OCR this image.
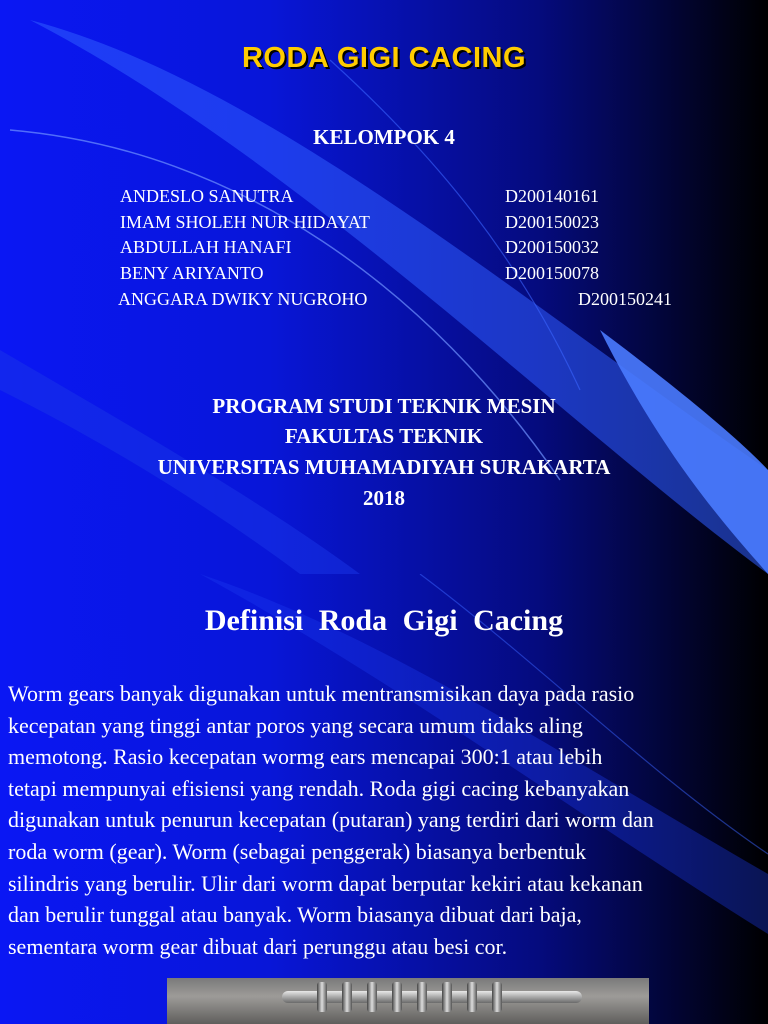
RODA GIGI CACING
KELOMPOK 4
ANDESLO SANUTRA	D200140161
IMAM SHOLEH NUR HIDAYAT	D200150023
ABDULLAH HANAFI	D200150032
BENY ARIYANTO	D200150078
ANGGARA DWIKY NUGROHO	D200150241
PROGRAM STUDI TEKNIK MESIN
FAKULTAS TEKNIK
UNIVERSITAS MUHAMADIYAH SURAKARTA
2018
Definisi Roda Gigi Cacing
Worm gears banyak digunakan untuk mentransmisikan daya pada rasio
kecepatan yang tinggi antar poros yang secara umum tidaks aling
memotong. Rasio kecepatan wormg ears mencapai 300:1 atau lebih
tetapi mempunyai efisiensi yang rendah. Roda gigi cacing kebanyakan
digunakan untuk penurun kecepatan (putaran) yang terdiri dari worm dan
roda worm (gear). Worm (sebagai penggerak) biasanya berbentuk
silindris yang berulir. Ulir dari worm dapat berputar kekiri atau kekanan
dan berulir tunggal atau banyak. Worm biasanya dibuat dari baja,
sementara worm gear dibuat dari perunggu atau besi cor.
